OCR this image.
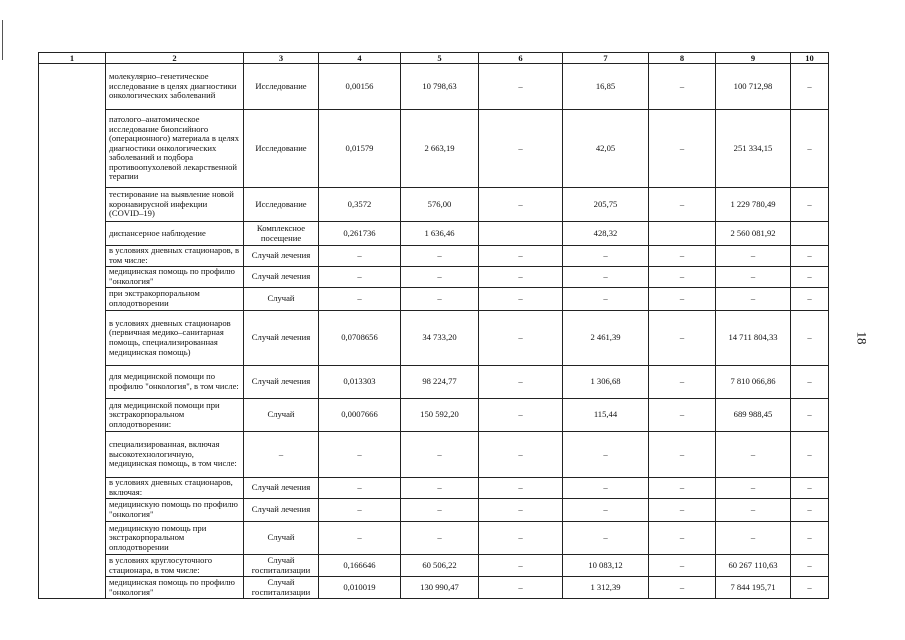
1	2	3	4	5	6	7	8	9	10
	молекулярно–генетическое исследование в целях диагностики онкологических заболеваний	Исследование	0,00156	10 798,63	–	16,85	–	100 712,98	–
	патолого–анатомическое исследование биопсийного (операционного) материала в целях диагностики онкологических заболеваний и подбора противоопухолевой лекарственной терапии	Исследование	0,01579	2 663,19	–	42,05	–	251 334,15	–
	тестирование на выявление новой коронавирусной инфекции (COVID–19)	Исследование	0,3572	576,00	–	205,75	–	1 229 780,49	–
	диспансерное наблюдение	Комплексное посещение	0,261736	1 636,46		428,32		2 560 081,92	
	в условиях дневных стационаров, в том числе:	Случай лечения	–	–	–	–	–	–	–
	медицинская помощь по профилю "онкология"	Случай лечения	–	–	–	–	–	–	–
	при экстракорпоральном оплодотворении	Случай	–	–	–	–	–	–	–
	в условиях дневных стационаров (первичная медико–санитарная помощь, специализированная медицинская помощь)	Случай лечения	0,0708656	34 733,20	–	2 461,39	–	14 711 804,33	–
	для медицинской помощи по профилю "онкология", в том числе:	Случай лечения	0,013303	98 224,77	–	1 306,68	–	7 810 066,86	–
	для медицинской помощи при экстракорпоральном оплодотворении:	Случай	0,0007666	150 592,20	–	115,44	–	689 988,45	–
	специализированная, включая высокотехнологичную, медицинская помощь, в том числе:	–	–	–	–	–	–	–	–
	в условиях дневных стационаров, включая:	Случай лечения	–	–	–	–	–	–	–
	медицинскую помощь по профилю "онкология"	Случай лечения	–	–	–	–	–	–	–
	медицинскую помощь при экстракорпоральном оплодотворении	Случай	–	–	–	–	–	–	–
	в условиях круглосуточного стационара, в том числе:	Случай госпитализации	0,166646	60 506,22	–	10 083,12	–	60 267 110,63	–
	медицинская помощь по профилю "онкология"	Случай госпитализации	0,010019	130 990,47	–	1 312,39	–	7 844 195,71	–
18
